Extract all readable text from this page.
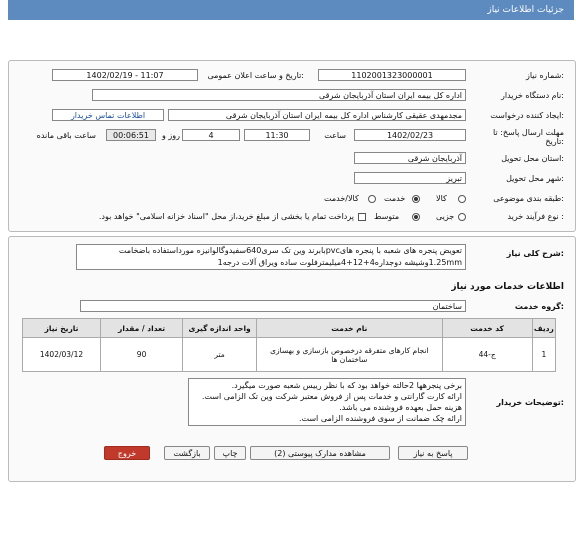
جزئیات اطلاعات نیاز
شماره نیاز:
1102001323000001
تاریخ و ساعت اعلان عمومی:
1402/02/19 - 11:07
نام دستگاه خریدار:
اداره کل بیمه ایران استان آذربایجان شرقی
ایجاد کننده درخواست:
مجدمهدی عقیقی کارشناس اداره کل بیمه ایران استان آذربایجان شرقی
اطلاعات تماس خریدار
مهلت ارسال پاسخ: تا
تاریخ:
1402/02/23
ساعت
11:30
4
روز و
00:06:51
ساعت باقی مانده
استان محل تحویل:
آذربایجان شرقی
شهر محل تحویل:
تبریز
طبقه بندی موضوعی:
کالا
خدمت
کالا/خدمت
نوع فرآیند خرید :
جزیی
متوسط
پرداخت تمام یا بخشی از مبلغ خرید،از محل "اسناد خزانه اسلامی" خواهد بود.
شرح کلی نیاز:
تعویض پنجره های شعبه با پنجره هایpvcبابرند وین تک سری640سفیدوگالوانیزه مورداستفاده باضخامت 1.25mmوشیشه دوجداره4+12+4میلیمترفلوت ساده ویراق آلات درجه1
اطلاعات خدمات مورد نیاز
گروه خدمت:
ساختمان
تاریخ نیاز	تعداد / مقدار	واحد اندازه گیری	نام خدمت	کد خدمت	ردیف
1402/03/12	90	متر	انجام کارهای متفرقه درخصوص بازسازی و بهسازی ساختمان ها	ج-44	1
توضیحات خریدار:
برخی پنجرهها 2حالته خواهد بود که با نظر رییس شعبه صورت میگیرد.
ارائه کارت گارانتی و خدمات پس از فروش معتبر شرکت وین تک الزامی است.
هزینه حمل بعهده فروشنده می باشد.
ارائه چک ضمانت از سوی فروشنده الزامی است.
پاسخ به نیاز
مشاهده مدارک پیوستی (2)
چاپ
بازگشت
خروج
